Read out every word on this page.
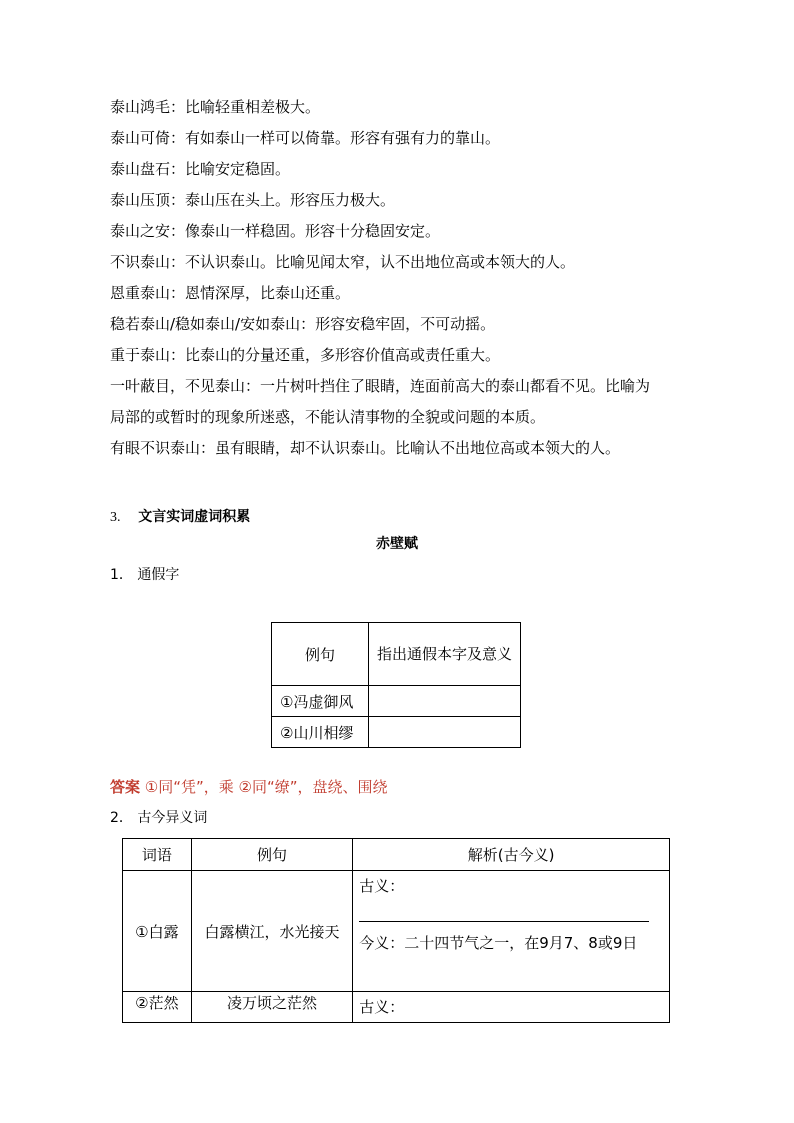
泰山鸿毛：比喻轻重相差极大。
泰山可倚：有如泰山一样可以倚靠。形容有强有力的靠山。
泰山盘石：比喻安定稳固。
泰山压顶：泰山压在头上。形容压力极大。
泰山之安：像泰山一样稳固。形容十分稳固安定。
不识泰山：不认识泰山。比喻见闻太窄，认不出地位高或本领大的人。
恩重泰山：恩情深厚，比泰山还重。
稳若泰山/稳如泰山/安如泰山：形容安稳牢固，不可动摇。
重于泰山：比泰山的分量还重，多形容价值高或责任重大。
一叶蔽目，不见泰山：一片树叶挡住了眼睛，连面前高大的泰山都看不见。比喻为
局部的或暂时的现象所迷惑，不能认清事物的全貌或问题的本质。
有眼不识泰山：虽有眼睛，却不认识泰山。比喻认不出地位高或本领大的人。
3. 文言实词虚词积累
赤壁赋
1． 通假字
例句	指出通假本字及意义
①冯虚御风	
②山川相缪	
答案 ①同“凭”，乘 ②同“缭”，盘绕、围绕
2． 古今异义词
词语	例句	解析(古今义)
①白露	白露横江，水光接天	古义：
今义：二十四节气之一，在9月7、8或9日

②茫然	凌万顷之茫然	古义：
